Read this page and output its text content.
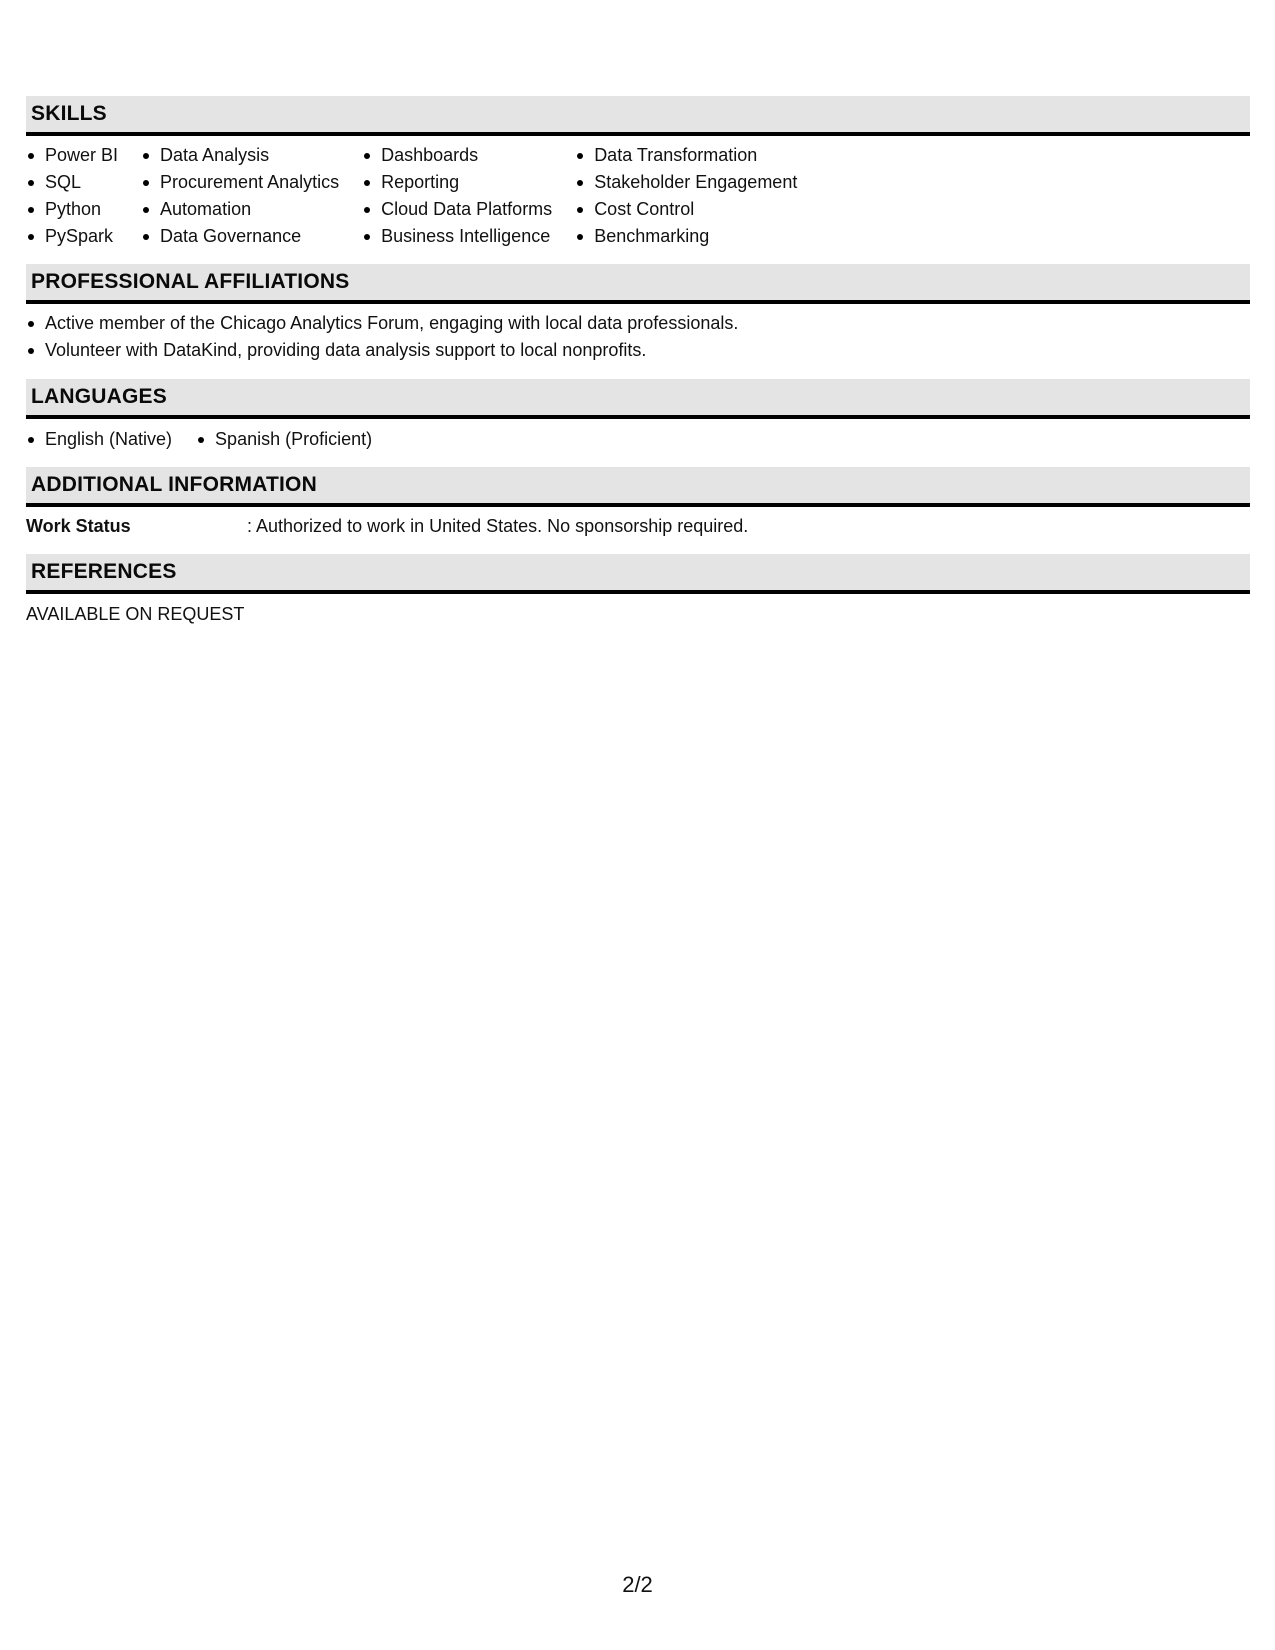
SKILLS
Power BI
SQL
Python
PySpark
Data Analysis
Procurement Analytics
Automation
Data Governance
Dashboards
Reporting
Cloud Data Platforms
Business Intelligence
Data Transformation
Stakeholder Engagement
Cost Control
Benchmarking
PROFESSIONAL AFFILIATIONS
Active member of the Chicago Analytics Forum, engaging with local data professionals.
Volunteer with DataKind, providing data analysis support to local nonprofits.
LANGUAGES
English (Native)	Spanish (Proficient)
ADDITIONAL INFORMATION
Work Status	: Authorized to work in United States. No sponsorship required.
REFERENCES
AVAILABLE ON REQUEST
2/2
